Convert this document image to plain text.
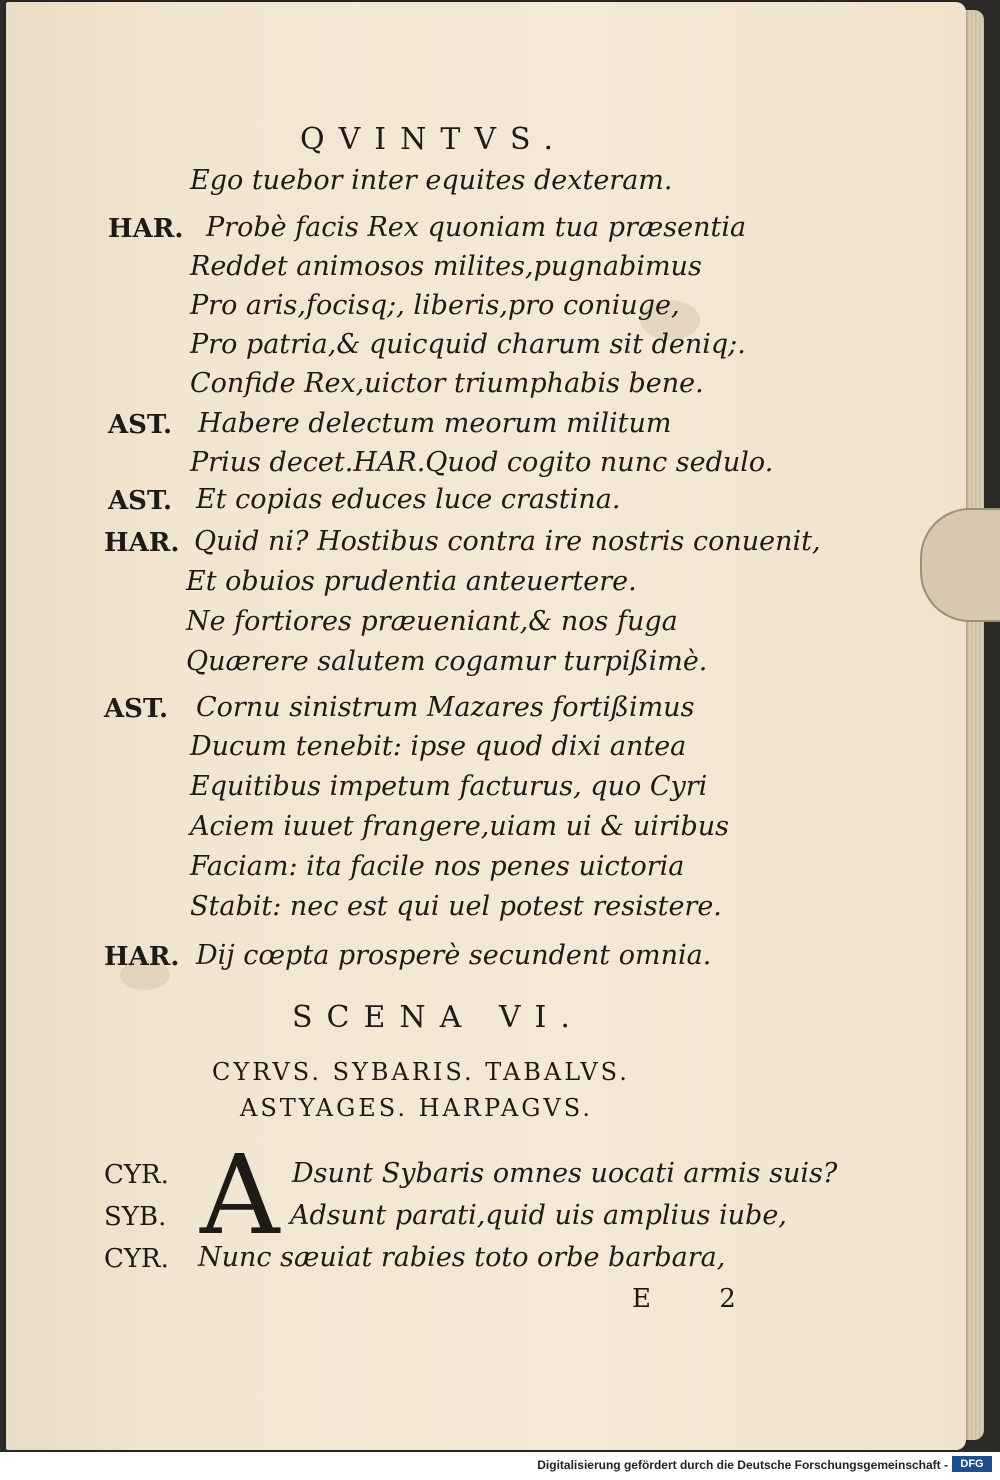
QVINTVS.
Ego tuebor inter equites dexteram.
HAR. Probè facis Rex quoniam tua præsentia
Reddet animosos milites,pugnabimus
Pro aris,focisq;, liberis,pro coniuge,
Pro patria,& quicquid charum sit deniq;.
Confide Rex,uictor triumphabis bene.
AST. Habere delectum meorum militum
Prius decet.HAR.Quod cogito nunc sedulo.
AST. Et copias educes luce crastina.
HAR. Quid ni? Hostibus contra ire nostris conuenit,
Et obuios prudentia anteuertere.
Ne fortiores præueniant,& nos fuga
Quærere salutem cogamur turpißimè.
AST. Cornu sinistrum Mazares fortißimus
Ducum tenebit: ipse quod dixi antea
Equitibus impetum facturus, quo Cyri
Aciem iuuet frangere,uiam ui & uiribus
Faciam: ita facile nos penes uictoria
Stabit: nec est qui uel potest resistere.
HAR. Dij cœpta prosperè secundent omnia.
SCENA VI.
CYRVS. SYBARIS. TABALVS.
ASTYAGES. HARPAGVS.
A
CYR.	Dsunt Sybaris omnes uocati armis suis?
SYB.	Adsunt parati,quid uis amplius iube,
CYR. Nunc sæuiat rabies toto orbe barbara,
E 2
Digitalisierung gefördert durch die Deutsche Forschungsgemeinschaft -	DFG
